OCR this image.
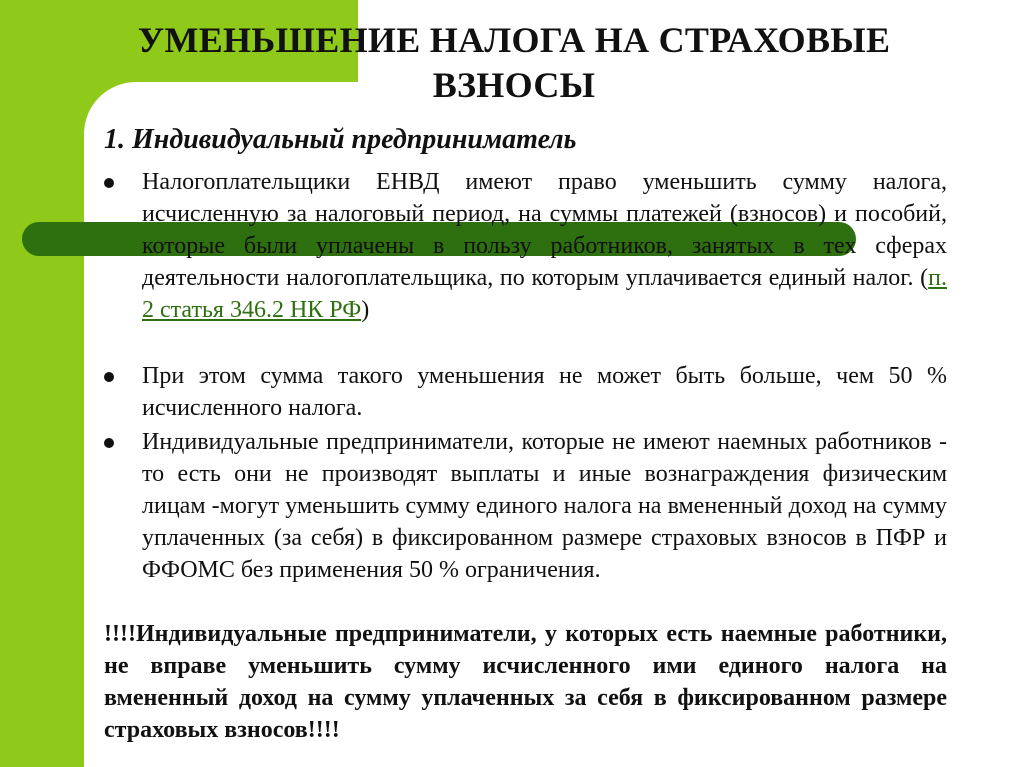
УМЕНЬШЕНИЕ НАЛОГА НА СТРАХОВЫЕ ВЗНОСЫ

1. Индивидуальный предприниматель

Налогоплательщики ЕНВД имеют право уменьшить сумму налога, исчисленную за налоговый период, на суммы платежей (взносов) и пособий, которые были уплачены в пользу работников, занятых в тех сферах деятельности налогоплательщика, по которым уплачивается единый налог. (п. 2 статья 346.2 НК РФ)

При этом сумма такого уменьшения не может быть больше, чем 50 % исчисленного налога.

Индивидуальные предприниматели, которые не имеют наемных работников - то есть они не производят выплаты и иные вознаграждения физическим лицам -могут уменьшить сумму единого налога на вмененный доход на сумму уплаченных (за себя) в фиксированном размере страховых взносов в ПФР и ФФОМС без применения 50 % ограничения.

!!!!Индивидуальные предприниматели, у которых есть наемные работники, не вправе уменьшить сумму исчисленного ими единого налога на вмененный доход на сумму уплаченных за себя в фиксированном размере страховых взносов!!!!
